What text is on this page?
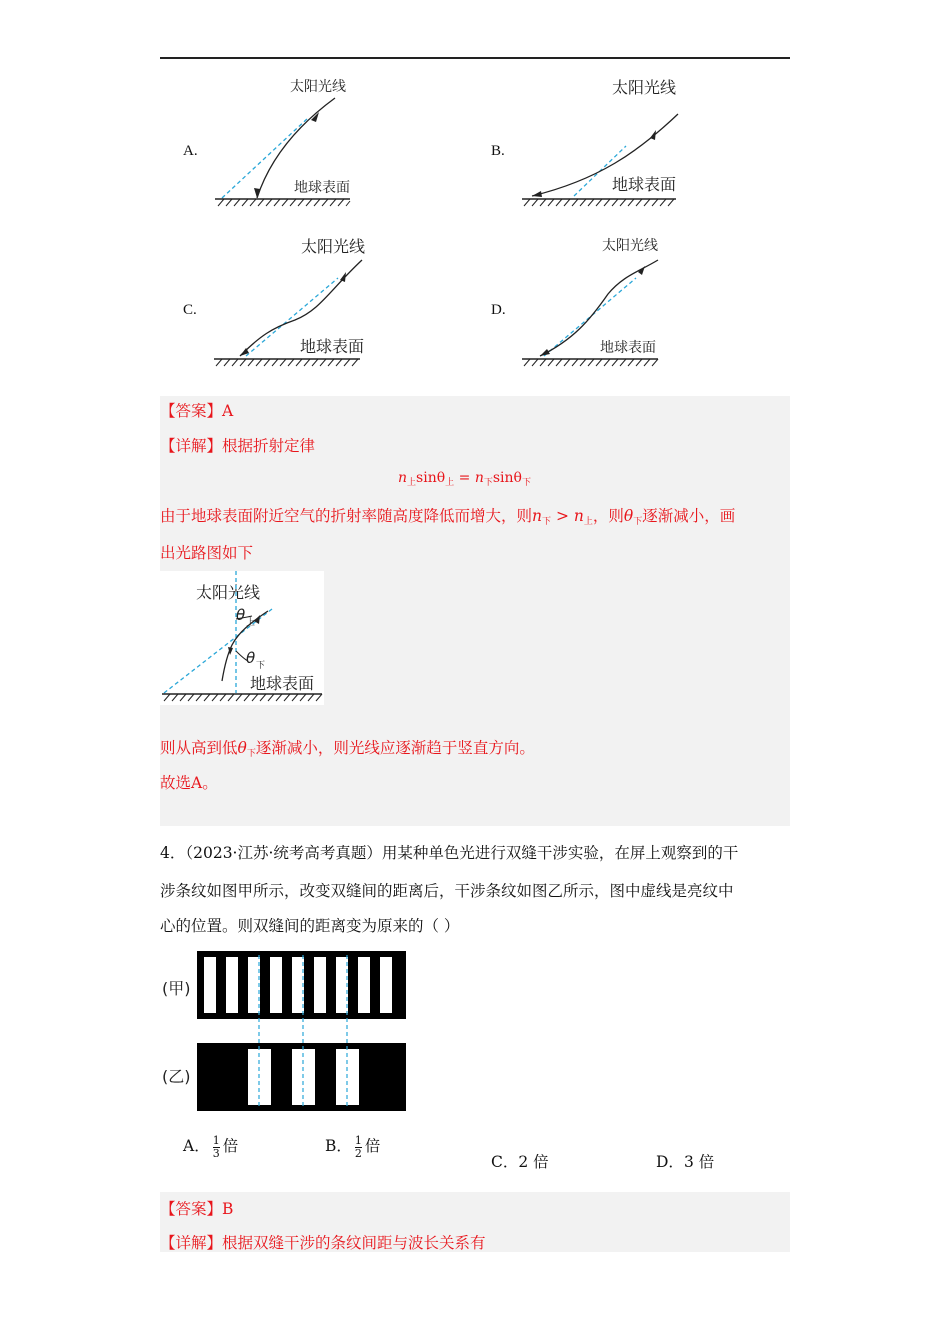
A.
太阳光线
地球表面
B.
太阳光线
地球表面
C.
太阳光线
地球表面
D.
太阳光线
地球表面
【答案】A
【详解】根据折射定律
$n_上\sin\theta_上 = n_下\sin\theta_下$
由于地球表面附近空气的折射率随高度降低而增大，则$n_下 > n_上$，则$\theta_下$逐渐减小，画
出光路图如下
太阳光线
θ 上
θ 下
地球表面
则从高到低$\theta_下$逐渐减小，则光线应逐渐趋于竖直方向。
故选A。
4．（2023·江苏·统考高考真题）用某种单色光进行双缝干涉实验，在屏上观察到的干
涉条纹如图甲所示，改变双缝间的距离后，干涉条纹如图乙所示，图中虚线是亮纹中
心的位置。则双缝间的距离变为原来的（ ）
(甲)
(乙)
A． $\frac{1}{3}$ 倍	B． $\frac{1}{2}$ 倍
C．2 倍	D．3 倍
【答案】B
【详解】根据双缝干涉的条纹间距与波长关系有
